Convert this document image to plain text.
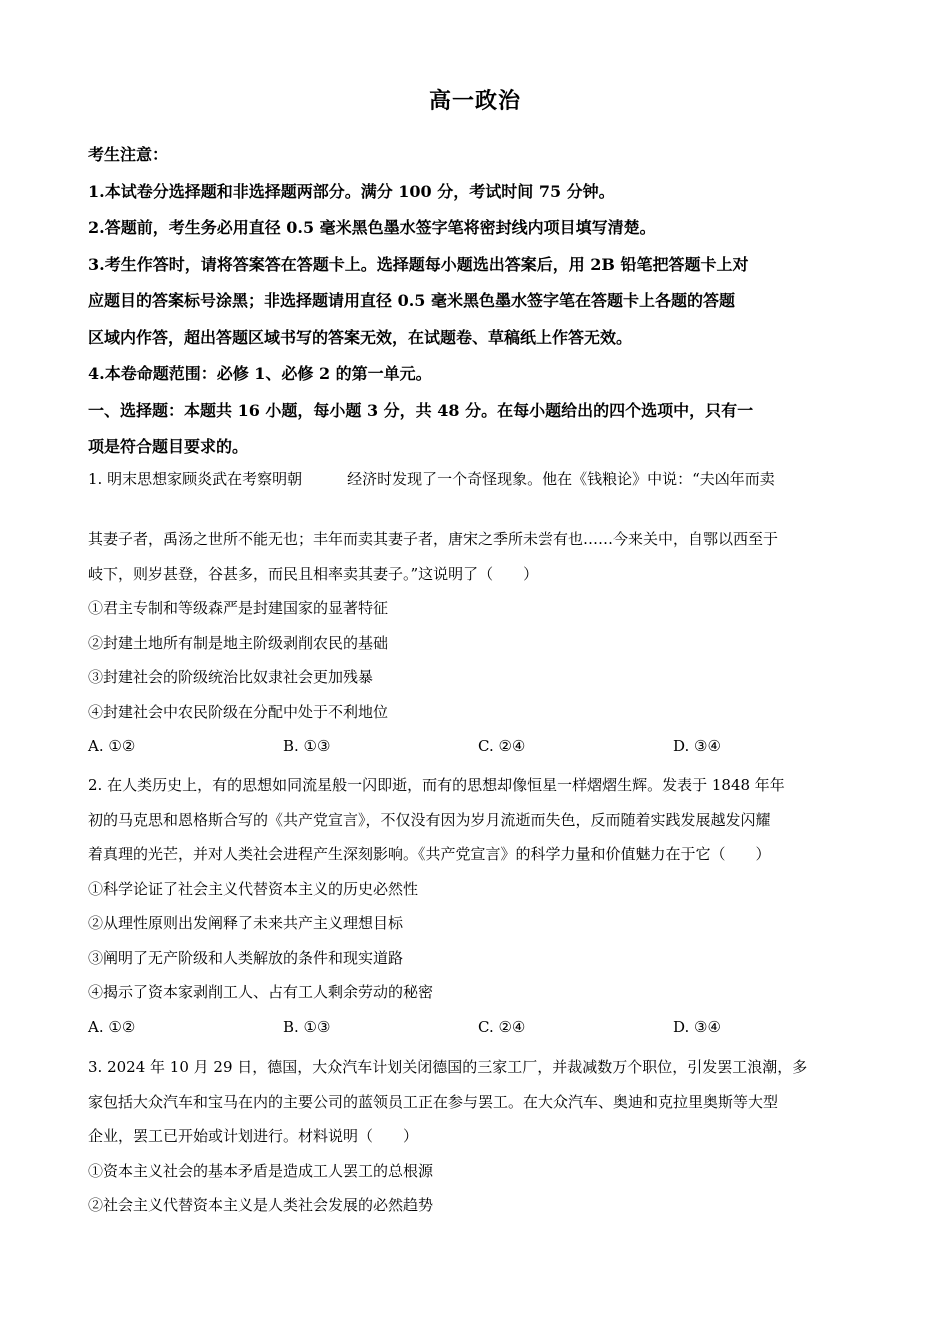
高一政治
考生注意：
1.本试卷分选择题和非选择题两部分。满分 100 分，考试时间 75 分钟。
2.答题前，考生务必用直径 0.5 毫米黑色墨水签字笔将密封线内项目填写清楚。
3.考生作答时，请将答案答在答题卡上。选择题每小题选出答案后，用 2B 铅笔把答题卡上对
应题目的答案标号涂黑；非选择题请用直径 0.5 毫米黑色墨水签字笔在答题卡上各题的答题
区域内作答，超出答题区域书写的答案无效，在试题卷、草稿纸上作答无效。
4.本卷命题范围：必修 1、必修 2 的第一单元。
一、选择题：本题共 16 小题，每小题 3 分，共 48 分。在每小题给出的四个选项中，只有一
项是符合题目要求的。
1. 明末思想家顾炎武在考察明朝　　　经济时发现了一个奇怪现象。他在《钱粮论》中说：“夫凶年而卖
其妻子者，禹汤之世所不能无也；丰年而卖其妻子者，唐宋之季所未尝有也……今来关中，自鄂以西至于
岐下，则岁甚登，谷甚多，而民且相率卖其妻子。”这说明了（　　）
①君主专制和等级森严是封建国家的显著特征
②封建土地所有制是地主阶级剥削农民的基础
③封建社会的阶级统治比奴隶社会更加残暴
④封建社会中农民阶级在分配中处于不利地位
A. ①②	B. ①③	C. ②④	D. ③④
2. 在人类历史上，有的思想如同流星般一闪即逝，而有的思想却像恒星一样熠熠生辉。发表于 1848 年年
初的马克思和恩格斯合写的《共产党宣言》，不仅没有因为岁月流逝而失色，反而随着实践发展越发闪耀
着真理的光芒，并对人类社会进程产生深刻影响。《共产党宣言》的科学力量和价值魅力在于它（　　）
①科学论证了社会主义代替资本主义的历史必然性
②从理性原则出发阐释了未来共产主义理想目标
③阐明了无产阶级和人类解放的条件和现实道路
④揭示了资本家剥削工人、占有工人剩余劳动的秘密
A. ①②	B. ①③	C. ②④	D. ③④
3. 2024 年 10 月 29 日，德国，大众汽车计划关闭德国的三家工厂，并裁减数万个职位，引发罢工浪潮，多
家包括大众汽车和宝马在内的主要公司的蓝领员工正在参与罢工。在大众汽车、奥迪和克拉里奥斯等大型
企业，罢工已开始或计划进行。材料说明（　　）
①资本主义社会的基本矛盾是造成工人罢工的总根源
②社会主义代替资本主义是人类社会发展的必然趋势
